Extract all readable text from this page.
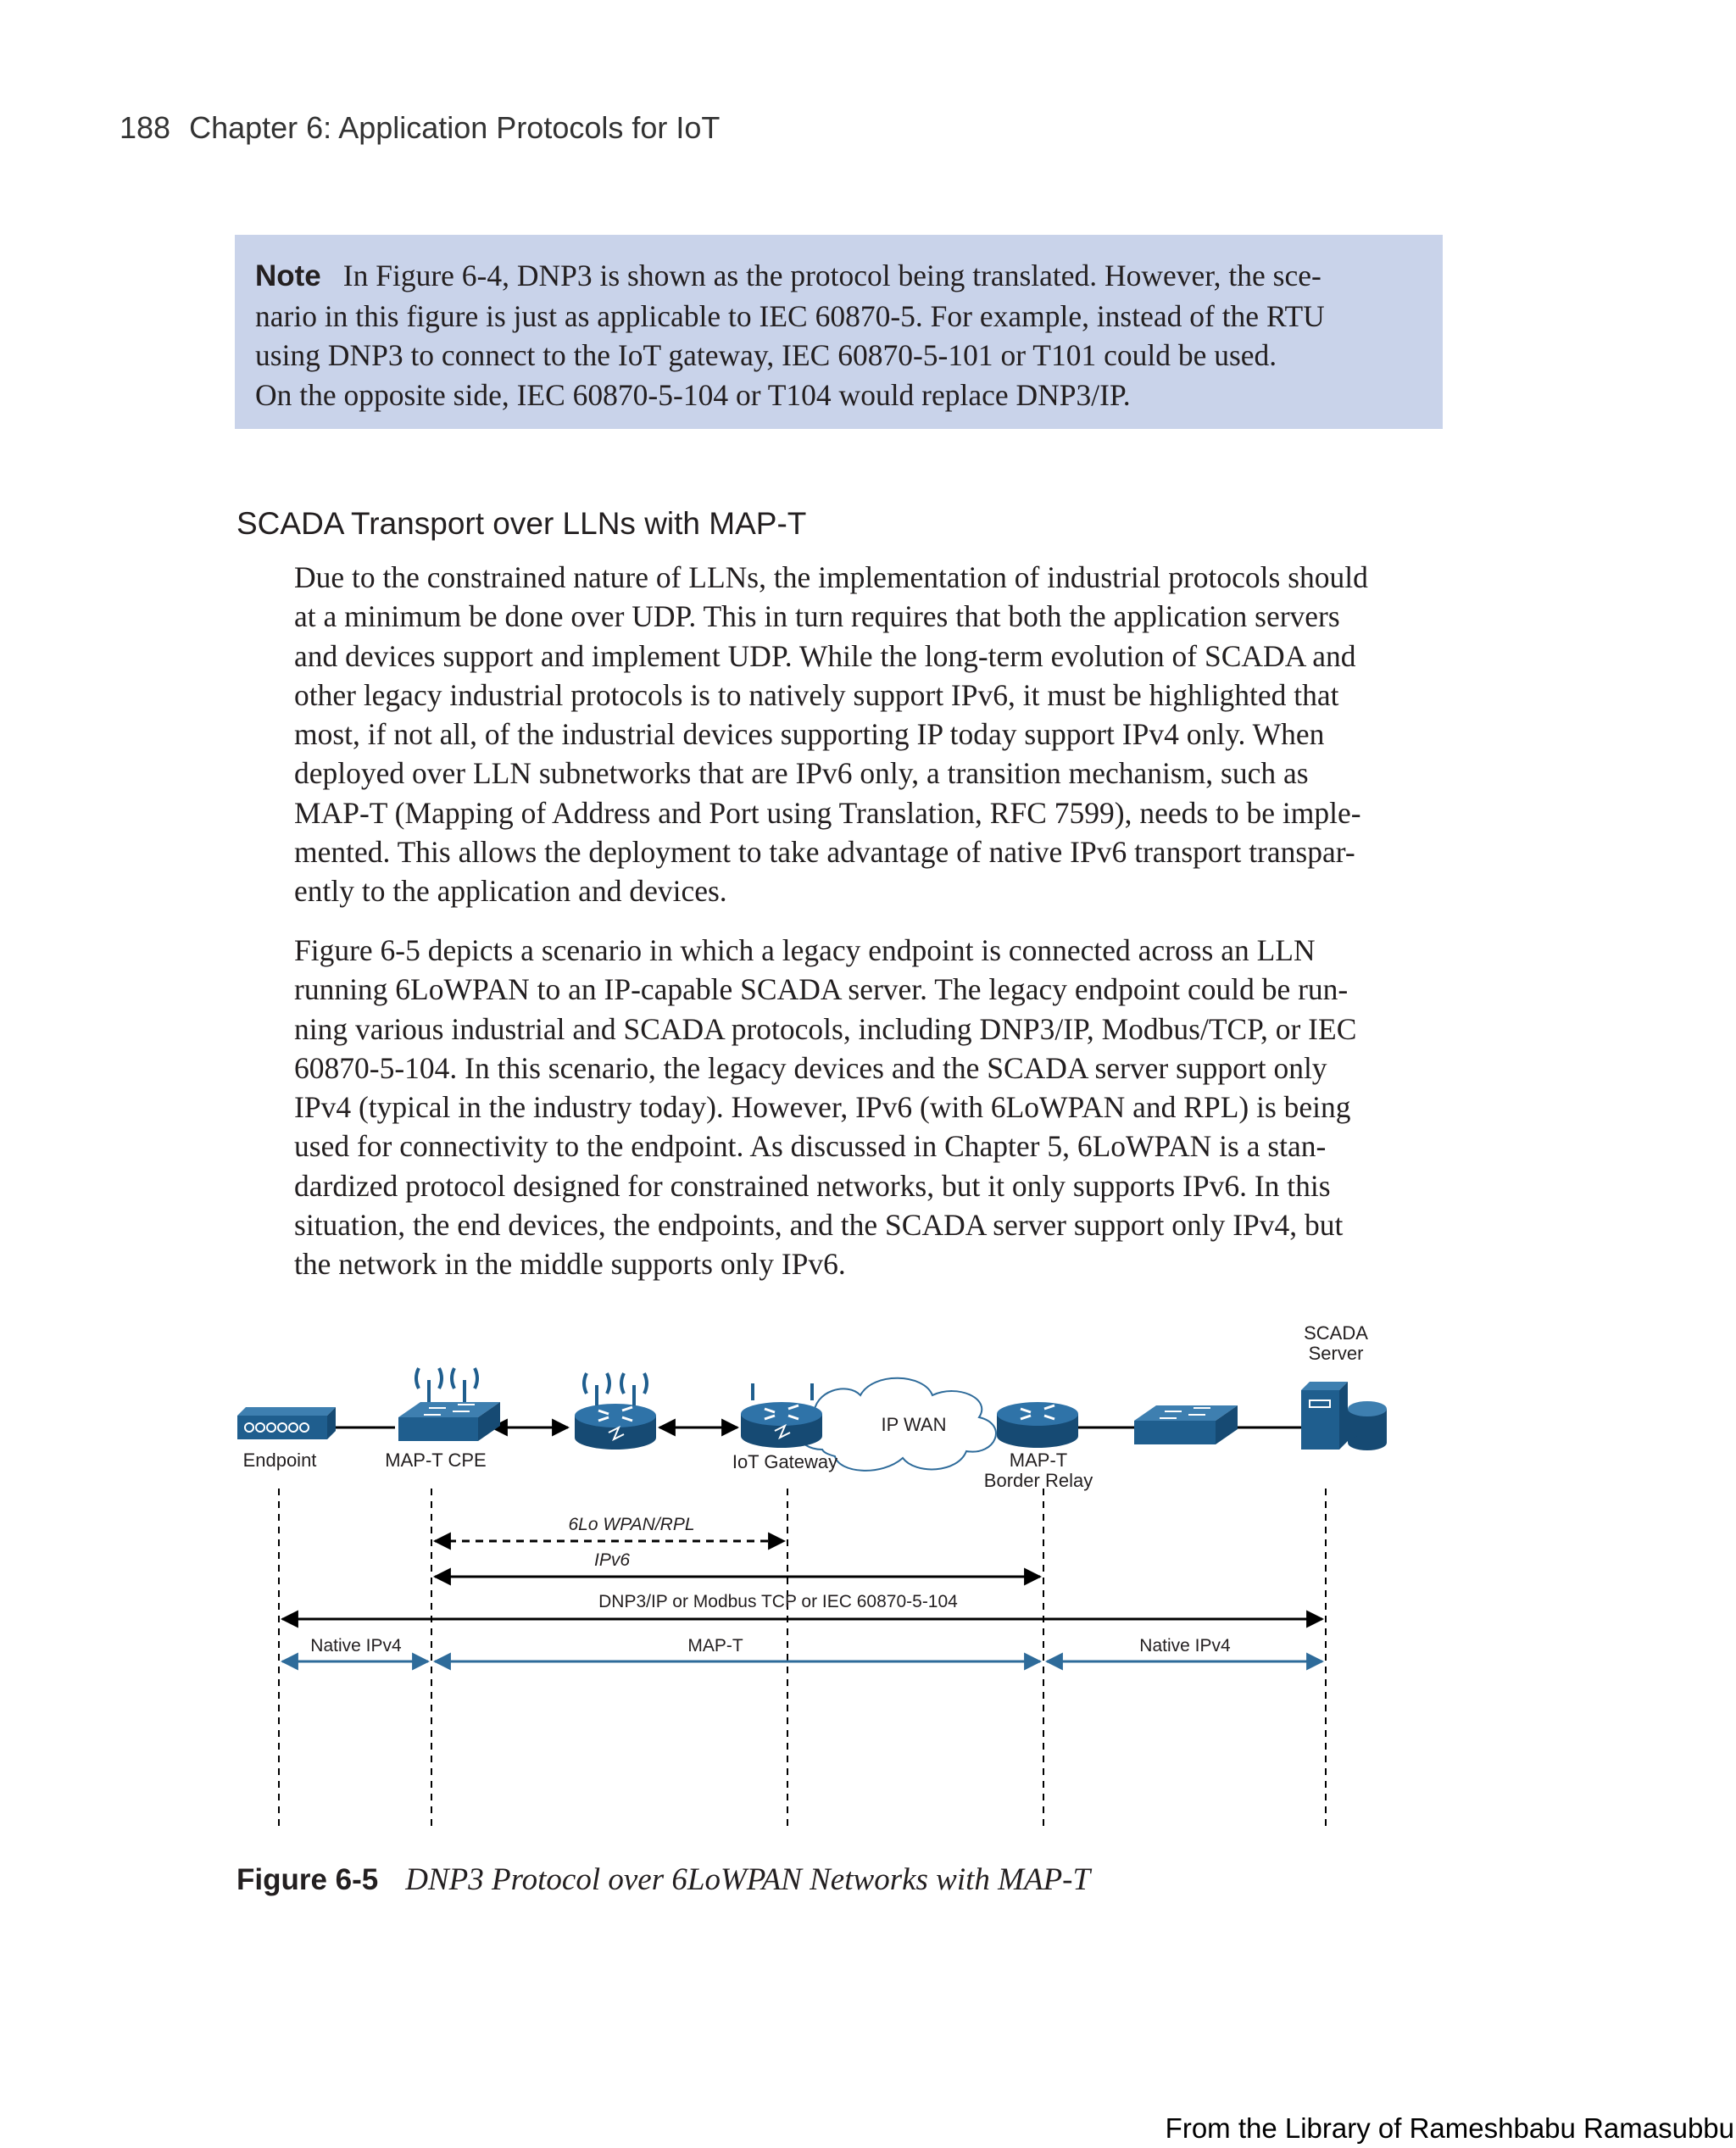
188 Chapter 6: Application Protocols for IoT
Note In Figure 6-4, DNP3 is shown as the protocol being translated. However, the sce-
nario in this figure is just as applicable to IEC 60870-5. For example, instead of the RTU
using DNP3 to connect to the IoT gateway, IEC 60870-5-101 or T101 could be used.
On the opposite side, IEC 60870-5-104 or T104 would replace DNP3/IP.
SCADA Transport over LLNs with MAP-T
Due to the constrained nature of LLNs, the implementation of industrial protocols should
at a minimum be done over UDP. This in turn requires that both the application servers
and devices support and implement UDP. While the long-term evolution of SCADA and
other legacy industrial protocols is to natively support IPv6, it must be highlighted that
most, if not all, of the industrial devices supporting IP today support IPv4 only. When
deployed over LLN subnetworks that are IPv6 only, a transition mechanism, such as
MAP-T (Mapping of Address and Port using Translation, RFC 7599), needs to be imple-
mented. This allows the deployment to take advantage of native IPv6 transport transpar-
ently to the application and devices.
Figure 6-5 depicts a scenario in which a legacy endpoint is connected across an LLN
running 6LoWPAN to an IP-capable SCADA server. The legacy endpoint could be run-
ning various industrial and SCADA protocols, including DNP3/IP, Modbus/TCP, or IEC
60870-5-104. In this scenario, the legacy devices and the SCADA server support only
IPv4 (typical in the industry today). However, IPv6 (with 6LoWPAN and RPL) is being
used for connectivity to the endpoint. As discussed in Chapter 5, 6LoWPAN is a stan-
dardized protocol designed for constrained networks, but it only supports IPv6. In this
situation, the end devices, the endpoints, and the SCADA server support only IPv4, but
the network in the middle supports only IPv6.
IP WAN
Endpoint	MAP-T CPE	IoT Gateway	MAP-T
Border Relay
SCADA
Server
6Lo WPAN/RPL
IPv6
DNP3/IP or Modbus TCP or IEC 60870-5-104
Native IPv4	MAP-T	Native IPv4
Figure 6-5 DNP3 Protocol over 6LoWPAN Networks with MAP-T
From the Library of Rameshbabu Ramasubbu
